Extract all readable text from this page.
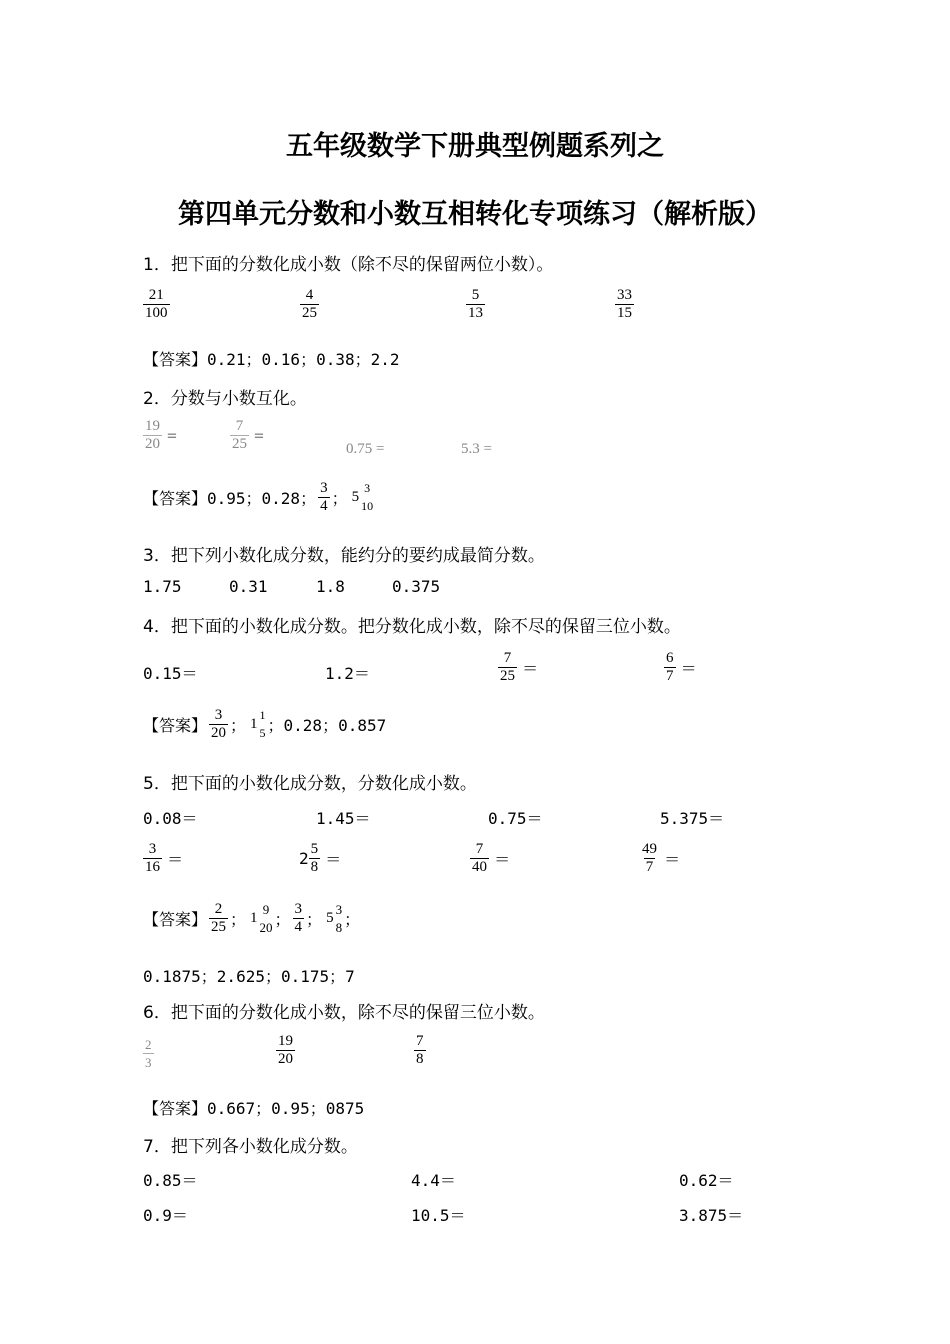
五年级数学下册典型例题系列之
第四单元分数和小数互相转化专项练习（解析版）
1．把下面的分数化成小数（除不尽的保留两位小数）。
$\frac{21}{100}$	$\frac{4}{25}$	$\frac{5}{13}$	$\frac{33}{15}$
【答案】0.21；0.16；0.38；2.2
2．分数与小数互化。
$\frac{19}{20}$ =	$\frac{7}{25}$ =
0.75 =	5.3 =
【答案】0.95；0.28； $\frac{3}{4}$ ； 5
3
10
3．把下列小数化成分数，能约分的要约成最简分数。
1.75	0.31	1.8	0.375
4．把下面的小数化成分数。把分数化成小数，除不尽的保留三位小数。
0.15＝	1.2＝	$\frac{7}{25}$ ＝	$\frac{6}{7}$ ＝
【答案】 $\frac{3}{20}$ ； 1
1
5 ；0.28；0.857
5．把下面的小数化成分数，分数化成小数。
0.08＝	1.45＝	0.75＝	5.375＝
$\frac{3}{16}$ ＝	$2 \frac{5}{8}$ ＝	$\frac{7}{40}$ ＝	$\frac{49}{7}$ ＝
【答案】 $\frac{2}{25}$ ； 1
9
20 ； $\frac{3}{4}$ ； 5
3
8 ；
0.1875；2.625；0.175；7
6．把下面的分数化成小数，除不尽的保留三位小数。
$\frac{2}{3}$	$\frac{19}{20}$	$\frac{7}{8}$
【答案】0.667；0.95；0875
7．把下列各小数化成分数。
0.85＝	4.4＝	0.62＝
0.9＝	10.5＝	3.875＝
